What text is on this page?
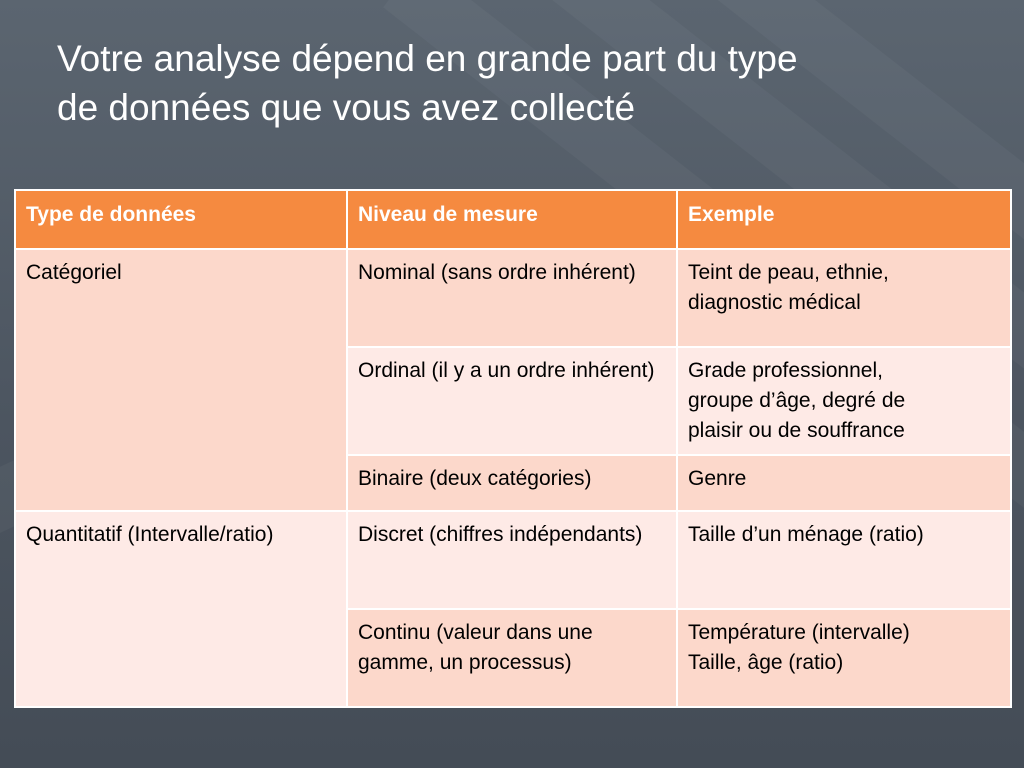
Votre analyse dépend en grande part du type
de données que vous avez collecté
Type de données	Niveau de mesure	Exemple
Catégoriel	Nominal (sans ordre inhérent)	Teint de peau, ethnie,
diagnostic médical
	Ordinal (il y a un ordre inhérent)	Grade professionnel,
groupe d’âge, degré de
plaisir ou de souffrance
	Binaire (deux catégories)	Genre
Quantitatif (Intervalle/ratio)	Discret (chiffres indépendants)	Taille d’un ménage (ratio)
	Continu (valeur dans une gamme, un processus)	Température (intervalle)
Taille, âge (ratio)
